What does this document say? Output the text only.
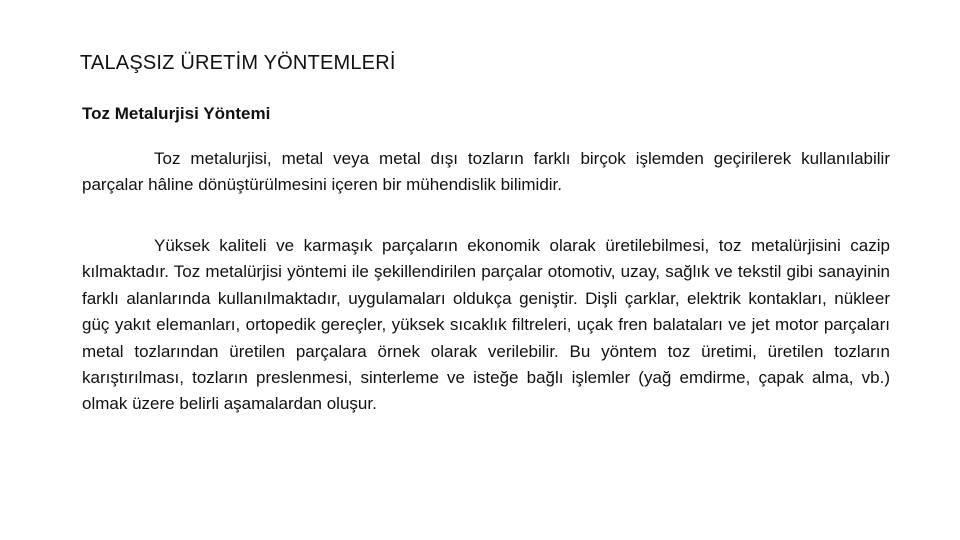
TALAŞSIZ ÜRETİM YÖNTEMLERİ
Toz Metalurjisi Yöntemi

Toz metalurjisi, metal veya metal dışı tozların farklı birçok işlemden geçirilerek kullanılabilir parçalar hâline dönüştürülmesini içeren bir mühendislik bilimidir.

Yüksek kaliteli ve karmaşık parçaların ekonomik olarak üretilebilmesi, toz metalürjisini cazip kılmaktadır. Toz metalürjisi yöntemi ile şekillendirilen parçalar otomotiv, uzay, sağlık ve tekstil gibi sanayinin farklı alanlarında kullanılmaktadır, uygulamaları oldukça geniştir. Dişli çarklar, elektrik kontakları, nükleer güç yakıt elemanları, ortopedik gereçler, yüksek sıcaklık filtreleri, uçak fren balataları ve jet motor parçaları metal tozlarından üretilen parçalara örnek olarak verilebilir. Bu yöntem toz üretimi, üretilen tozların karıştırılması, tozların preslenmesi, sinterleme ve isteğe bağlı işlemler (yağ emdirme, çapak alma, vb.) olmak üzere belirli aşamalardan oluşur.
